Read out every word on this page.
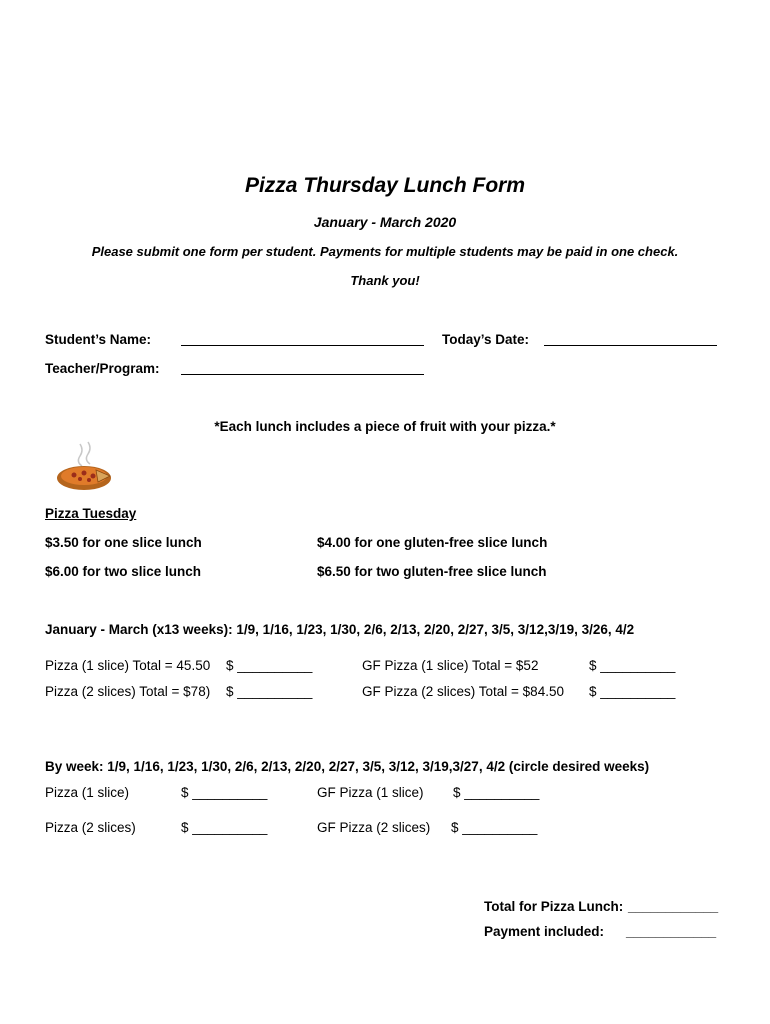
Pizza Thursday Lunch Form
January - March 2020
Please submit one form per student. Payments for multiple students may be paid in one check.
Thank you!
Student’s Name:	Today’s Date:
Teacher/Program:
*Each lunch includes a piece of fruit with your pizza.*
Pizza Tuesday
$3.50 for one slice lunch	$4.00 for one gluten-free slice lunch
$6.00 for two slice lunch	$6.50 for two gluten-free slice lunch
January - March (x13 weeks): 1/9, 1/16, 1/23, 1/30, 2/6, 2/13, 2/20, 2/27, 3/5, 3/12,3/19, 3/26, 4/2
Pizza (1 slice) Total = 45.50 $ __________	GF Pizza (1 slice) Total = $52	$ __________
Pizza (2 slices) Total = $78) $ __________	GF Pizza (2 slices) Total = $84.50 $ __________
By week: 1/9, 1/16, 1/23, 1/30, 2/6, 2/13, 2/20, 2/27, 3/5, 3/12, 3/19,3/27, 4/2 (circle desired weeks)
Pizza (1 slice)	$ __________	GF Pizza (1 slice) $ __________
Pizza (2 slices)	$ __________	GF Pizza (2 slices) $ __________
Total for Pizza Lunch: ____________
Payment included: ____________
